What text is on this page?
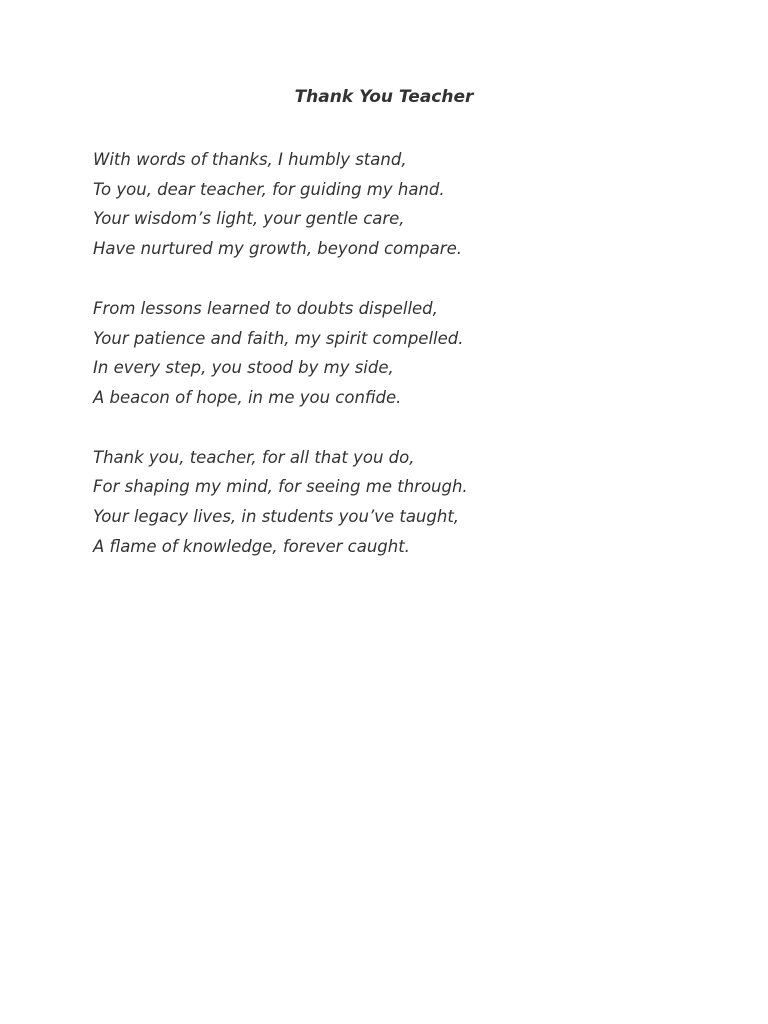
Thank You Teacher
With words of thanks, I humbly stand,
To you, dear teacher, for guiding my hand.
Your wisdom’s light, your gentle care,
Have nurtured my growth, beyond compare.
From lessons learned to doubts dispelled,
Your patience and faith, my spirit compelled.
In every step, you stood by my side,
A beacon of hope, in me you confide.
Thank you, teacher, for all that you do,
For shaping my mind, for seeing me through.
Your legacy lives, in students you’ve taught,
A flame of knowledge, forever caught.
